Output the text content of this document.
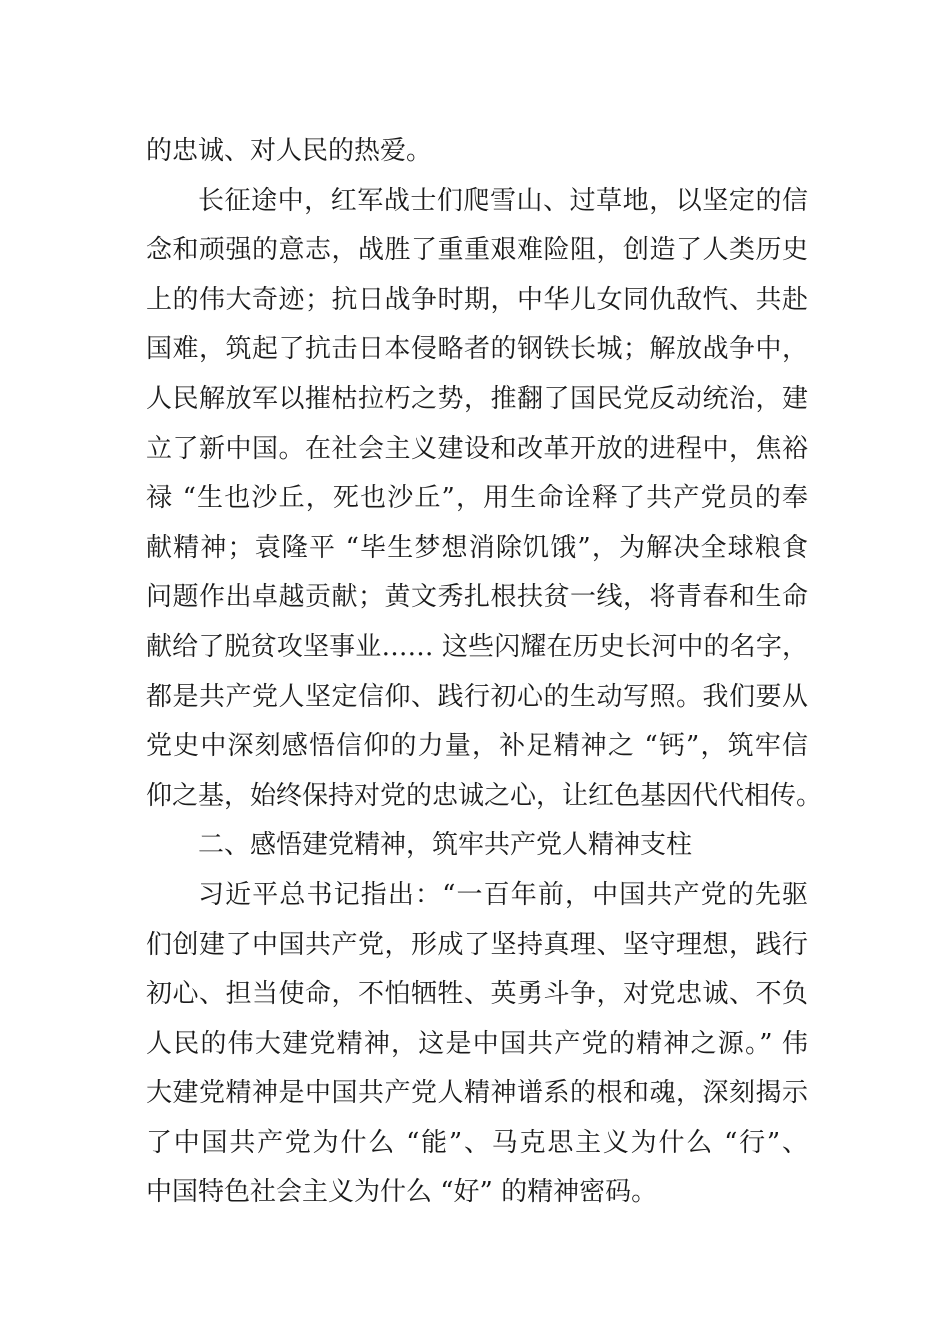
的忠诚、对人民的热爱。
长征途中，红军战士们爬雪山、过草地，以坚定的信
念和顽强的意志，战胜了重重艰难险阻，创造了人类历史
上的伟大奇迹；抗日战争时期，中华儿女同仇敌忾、共赴
国难，筑起了抗击日本侵略者的钢铁长城；解放战争中，
人民解放军以摧枯拉朽之势，推翻了国民党反动统治，建
立了新中国。在社会主义建设和改革开放的进程中，焦裕
禄 “生也沙丘，死也沙丘”，用生命诠释了共产党员的奉
献精神；袁隆平 “毕生梦想消除饥饿”，为解决全球粮食
问题作出卓越贡献；黄文秀扎根扶贫一线，将青春和生命
献给了脱贫攻坚事业…… 这些闪耀在历史长河中的名字，
都是共产党人坚定信仰、践行初心的生动写照。我们要从
党史中深刻感悟信仰的力量，补足精神之 “钙”，筑牢信
仰之基，始终保持对党的忠诚之心，让红色基因代代相传。
二、感悟建党精神，筑牢共产党人精神支柱
习近平总书记指出：“一百年前，中国共产党的先驱
们创建了中国共产党，形成了坚持真理、坚守理想，践行
初心、担当使命，不怕牺牲、英勇斗争，对党忠诚、不负
人民的伟大建党精神，这是中国共产党的精神之源。” 伟
大建党精神是中国共产党人精神谱系的根和魂，深刻揭示
了中国共产党为什么 “能”、马克思主义为什么 “行”、
中国特色社会主义为什么 “好” 的精神密码。
